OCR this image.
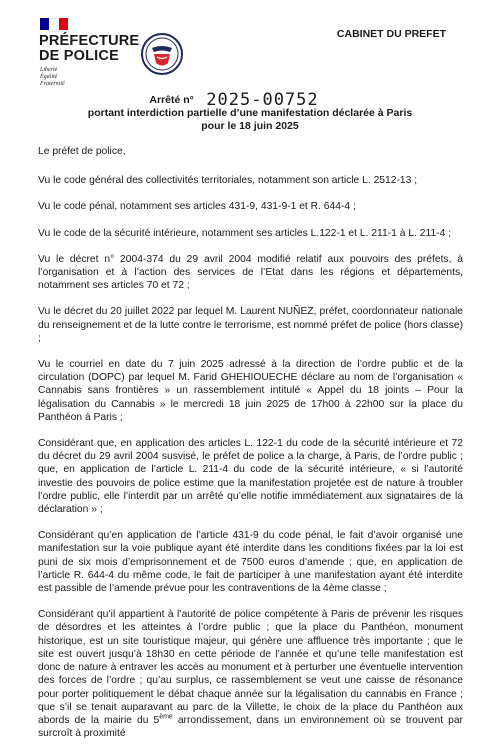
PRÉFECTURE
DE POLICE
Liberté
Égalité
Fraternité
CABINET DU PREFET
Arrêté n° 2025-00752
portant interdiction partielle d’une manifestation déclarée à Paris
pour le 18 juin 2025

Le préfet de police,

Vu le code général des collectivités territoriales, notamment son article L. 2512-13 ;

Vu le code pénal, notamment ses articles 431-9, 431-9-1 et R. 644-4 ;

Vu le code de la sécurité intérieure, notamment ses articles L.122-1 et L. 211-1 à L. 211-4 ;

Vu le décret n° 2004-374 du 29 avril 2004 modifié relatif aux pouvoirs des préfets, à l’organisation et à l’action des services de l’Etat dans les régions et départements, notamment ses articles 70 et 72 ;

Vu le décret du 20 juillet 2022 par lequel M. Laurent NUÑEZ, préfet, coordonnateur nationale du renseignement et de la lutte contre le terrorisme, est nommé préfet de police (hors classe) ;

Vu le courriel en date du 7 juin 2025 adressé à la direction de l’ordre public et de la circulation (DOPC) par lequel M. Farid GHEHIOUECHE déclare au nom de l’organisation « Cannabis sans frontières » un rassemblement intitulé « Appel du 18 joints – Pour la légalisation du Cannabis » le mercredi 18 juin 2025 de 17h00 à 22h00 sur la place du Panthéon à Paris ;

Considérant que, en application des articles L. 122-1 du code de la sécurité intérieure et 72 du décret du 29 avril 2004 susvisé, le préfet de police a la charge, à Paris, de l’ordre public ; que, en application de l’article L. 211-4 du code de la sécurité intérieure, « si l’autorité investie des pouvoirs de police estime que la manifestation projetée est de nature à troubler l’ordre public, elle l’interdit par un arrêté qu’elle notifie immédiatement aux signataires de la déclaration » ;

Considérant qu’en application de l’article 431-9 du code pénal, le fait d’avoir organisé une manifestation sur la voie publique ayant été interdite dans les conditions fixées par la loi est puni de six mois d’emprisonnement et de 7500 euros d’amende ; que, en application de l’article R. 644-4 du même code, le fait de participer à une manifestation ayant été interdite est passible de l’amende prévue pour les contraventions de la 4ème classe ;

Considérant qu’il appartient à l’autorité de police compétente à Paris de prévenir les risques de désordres et les atteintes à l’ordre public ; que la place du Panthéon, monument historique, est un site touristique majeur, qui génère une affluence très importante ; que le site est ouvert jusqu’à 18h30 en cette période de l’année et qu’une telle manifestation est donc de nature à entraver les accès au monument et à perturber une éventuelle intervention des forces de l’ordre ; qu’au surplus, ce rassemblement se veut une caisse de résonance pour porter politiquement le débat chaque année sur la légalisation du cannabis en France ; que s’il se tenait auparavant au parc de la Villette, le choix de la place du Panthéon aux abords de la mairie du 5ème arrondissement, dans un environnement où se trouvent par surcroît à proximité
